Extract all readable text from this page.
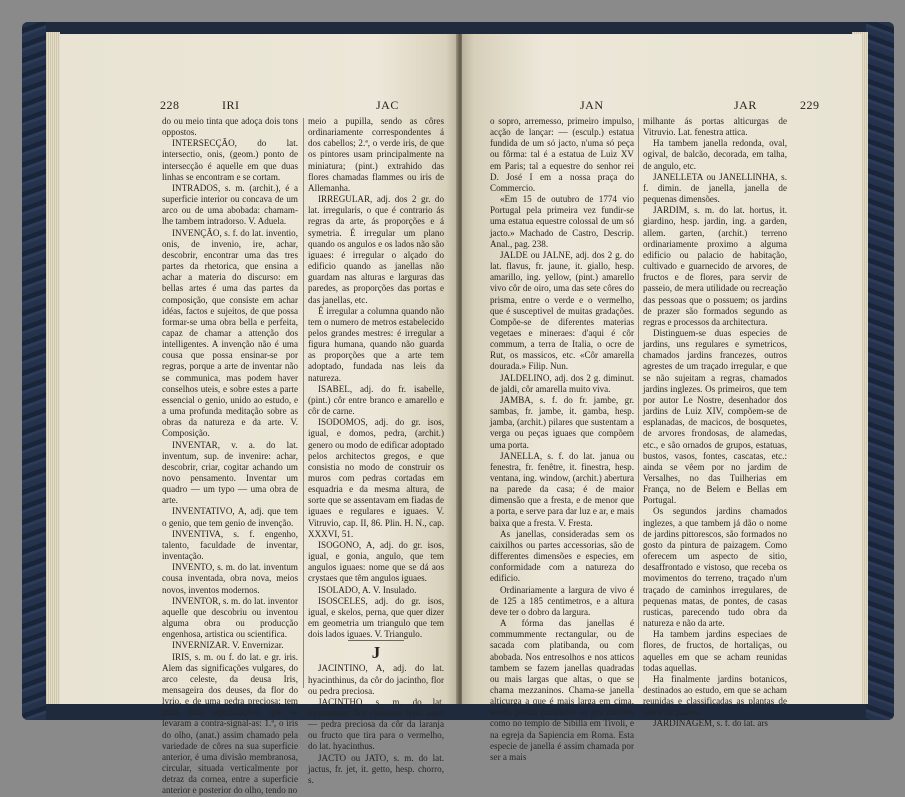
228	IRI	JAC

do ou meio tinta que adoça dois tons oppostos.

INTERSECÇÃO, do lat. intersectio, onis, (geom.) ponto de intersecção é aquelle em que duas linhas se encontram e se cortam.

INTRADOS, s. m. (archit.), é a superficie interior ou concava de um arco ou de uma abobada: chamam-lhe tambem intradorso. V. Aduela.

INVENÇÃO, s. f. do lat. inventio, onis, de invenio, ire, achar, descobrir, encontrar uma das tres partes da rhetorica, que ensina a achar a materia do discurso: em bellas artes é uma das partes da composição, que consiste em achar idéas, factos e sujeitos, de que possa formar-se uma obra bella e perfeita, capaz de chamar a attenção dos intelligentes. A invenção não é uma cousa que possa ensinar-se por regras, porque a arte de inventar não se communica, mas podem haver conselhos uteis, e sobre estes a parte essencial o genio, unido ao estudo, e a uma profunda meditação sobre as obras da natureza e da arte. V. Composição.

INVENTAR, v. a. do lat. inventum, sup. de invenire: achar, descobrir, criar, cogitar achando um novo pensamento. Inventar um quadro — um typo — uma obra de arte.

INVENTATIVO, A, adj. que tem o genio, que tem genio de invenção.

INVENTIVA, s. f. engenho, talento, faculdade de inventar, inventação.

INVENTO, s. m. do lat. inventum cousa inventada, obra nova, meios novos, inventos modernos.

INVENTOR, s. m. do lat. inventor aquelle que descobriu ou inventou alguma obra ou producção engenhosa, artistica ou scientifica.

INVERNIZAR. V. Envernizar.

IRIS, s. m. ou f. do lat. e gr. iris. Alem das significações vulgares, do arco celeste, da deusa Iris, mensageira dos deuses, da flor do lyrio, e de uma pedra preciosa; tem mais duas significações, que se levaram a contra-signal-as: 1.ª, o iris do olho, (anat.) assim chamado pela variedade de côres na sua superficie anterior, é uma divisão membranosa, circular, situada verticalmente por detraz da cornea, entre a superficie anterior e posterior do olho, tendo no

meio a pupilla, sendo as côres ordinariamente correspondentes á dos cabellos; 2.ª, o verde iris, de que os pintores usam principalmente na miniatura; (pint.) extrahido das flores chamadas flammes ou iris de Allemanha.

IRREGULAR, adj. dos 2 gr. do lat. irregularis, o que é contrario ás regras da arte, ás proporções e á symetria. É irregular um plano quando os angulos e os lados não são iguaes: é irregular o alçado do edificio quando as janellas não guardam nas alturas e larguras das paredes, as proporções das portas e das janellas, etc.

É irregular a columna quando não tem o numero de metros estabelecido pelos grandes mestres: é irregular a figura humana, quando não guarda as proporções que a arte tem adoptado, fundada nas leis da natureza.

ISABEL, adj. do fr. isabelle, (pint.) côr entre branco e amarello e côr de carne.

ISODOMOS, adj. do gr. isos, igual, e domos, pedra, (archit.) genero ou modo de edificar adoptado pelos architectos gregos, e que consistia no modo de construir os muros com pedras cortadas em esquadria e da mesma altura, de sorte que se assentavam em fiadas de iguaes e regulares e iguaes. V. Vitruvio, cap. II, 86. Plin. H. N., cap. XXXVI, 51.

ISOGONO, A, adj. do gr. isos, igual, e gonia, angulo, que tem angulos iguaes: nome que se dá aos crystaes que têm angulos iguaes.

ISOLADO, A. V. Insulado.

ISOSCELES, adj. do gr. isos, igual, e skelos, perna, que quer dizer em geometria um triangulo que tem dois lados iguaes. V. Triangulo.

J

JACINTINO, A, adj. do lat. hyacinthinus, da côr do jacintho, flor ou pedra preciosa.

JACINTHO, s. m. do lat. hyacinthus, flor chamada lyrio azul: — pedra preciosa da côr da laranja ou fructo que tira para o vermelho, do lat. hyacinthus.

JACTO ou JATO, s. m. do lat. jactus, fr. jet, it. getto, hesp. chorro, s.

JAN	JAR	229

o sopro, arremesso, primeiro impulso, acção de lançar: — (esculp.) estatua fundida de um só jacto, n'uma só peça ou fôrma: tal é a estatua de Luiz XV em Paris; tal a equestre do senhor rei D. José I em a nossa praça do Commercio.

«Em 15 de outubro de 1774 vio Portugal pela primeira vez fundir-se uma estatua equestre colossal de um só jacto.» Machado de Castro, Descrip. Anal., pag. 238.

JALDE ou JALNE, adj. dos 2 g. do lat. flavus, fr. jaune, it. giallo, hesp. amarillo, ing. yellow, (pint.) amarello vivo côr de oiro, uma das sete côres do prisma, entre o verde e o vermelho, que é susceptivel de muitas gradações. Compõe-se de diferentes materias vegetaes e mineraes: d'aqui é côr commum, a terra de Italia, o ocre de Rut, os massicos, etc. «Côr amarella dourada.» Filip. Nun.

JALDELINO, adj. dos 2 g. diminut. de jaldi, côr amarella muito viva.

JAMBA, s. f. do fr. jambe, gr. sambas, fr. jambe, it. gamba, hesp. jamba, (archit.) pilares que sustentam a verga ou peças iguaes que compõem uma porta.

JANELLA, s. f. do lat. janua ou fenestra, fr. fenêtre, it. finestra, hesp. ventana, ing. window, (archit.) abertura na parede da casa; é de maior dimensão que a fresta, e de menor que a porta, e serve para dar luz e ar, e mais baixa que a fresta. V. Fresta.

As janellas, consideradas sem os caixilhos ou partes accessorias, são de differentes dimensões e especies, em conformidade com a natureza do edificio.

Ordinariamente a largura de vivo é de 125 a 185 centimetros, e a altura deve ter o dobro da largura.

A fórma das janellas é commummente rectangular, ou de sacada com platibanda, ou com abobada. Nos entresolhos e nos atticos tambem se fazem janellas quadradas ou mais largas que altas, o que se chama mezzaninos. Chama-se janella alticurga a que é mais larga em cima, sendo postas parallelos os pés direitos como no templo de Sibilla em Tivoli, e na egreja da Sapiencia em Roma. Esta especie de janella é assim chamada por ser a mais

milhante ás portas alticurgas de Vitruvio. Lat. fenestra attica.

Ha tambem janella redonda, oval, ogival, de balcão, decorada, em talha, de angulo, etc.

JANELLETA ou JANELLINHA, s. f. dimin. de janella, janella de pequenas dimensões.

JARDIM, s. m. do lat. hortus, it. giardino, hesp. jardin, ing. a garden, allem. garten, (archit.) terreno ordinariamente proximo a alguma edificio ou palacio de habitação, cultivado e guarnecido de arvores, de fructos e de flores, para servir de passeio, de mera utilidade ou recreação das pessoas que o possuem; os jardins de prazer são formados segundo as regras e processos da architectura.

Distinguem-se duas especies de jardins, uns regulares e symetricos, chamados jardins francezes, outros agrestes de um traçado irregular, e que se não sujeitam a regras, chamados jardins inglezes. Os primeiros, que tem por autor Le Nostre, desenhador dos jardins de Luiz XIV, compõem-se de esplanadas, de macicos, de bosquetes, de arvores frondosas, de alamedas, etc., e são ornados de grupos, estatuas, bustos, vasos, fontes, cascatas, etc.: ainda se vêem por no jardim de Versalhes, no das Tuilherias em França, no de Belem e Bellas em Portugal.

Os segundos jardins chamados inglezes, a que tambem já dão o nome de jardins pittorescos, são formados no gosto da pintura de paizagem. Como oferecem um aspecto de sitio, desaffrontado e vistoso, que receba os movimentos do terreno, traçado n'um traçado de caminhos irregulares, de pequenas matas, de pontes, de casas rusticas, parecendo tudo obra da natureza e não da arte.

Ha tambem jardins especiaes de flores, de fructos, de hortaliças, ou aquelles em que se acham reunidas todas aquellas.

Ha finalmente jardins botanicos, destinados ao estudo, em que se acham reunidas e classificadas as plantas de todos os paizes.

JARDINAGEM, s. f. do lat. ars
